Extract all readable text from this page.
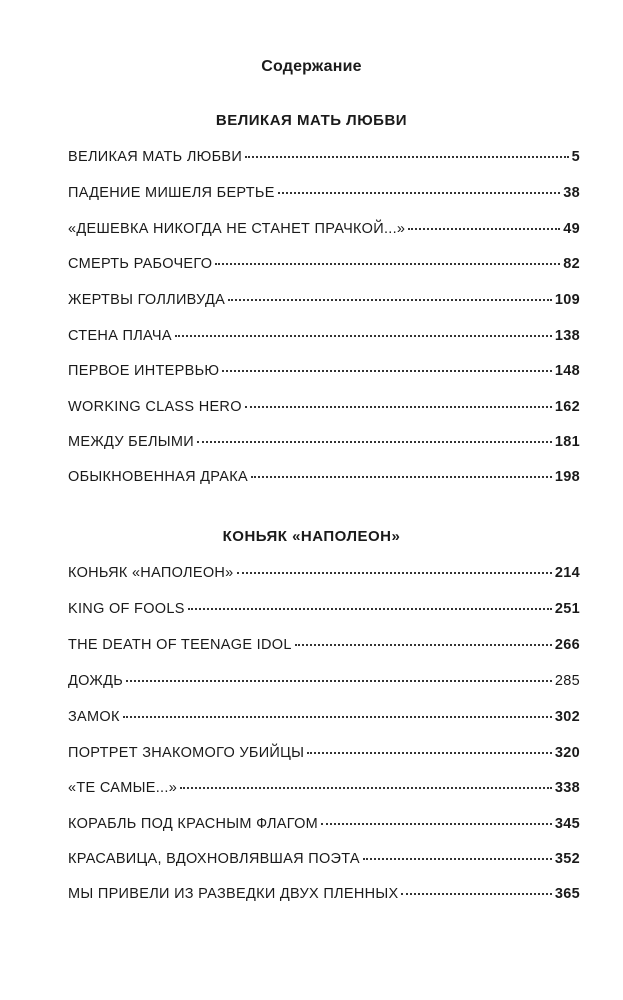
Содержание
ВЕЛИКАЯ МАТЬ ЛЮБВИ
ВЕЛИКАЯ МАТЬ ЛЮБВИ	5
ПАДЕНИЕ МИШЕЛЯ БЕРТЬЕ	38
«ДЕШЕВКА НИКОГДА НЕ СТАНЕТ ПРАЧКОЙ...»	49
СМЕРТЬ РАБОЧЕГО	82
ЖЕРТВЫ ГОЛЛИВУДА	109
СТЕНА ПЛАЧА	138
ПЕРВОЕ ИНТЕРВЬЮ	148
WORKING CLASS HERO	162
МЕЖДУ БЕЛЫМИ	181
ОБЫКНОВЕННАЯ ДРАКА	198
КОНЬЯК «НАПОЛЕОН»
КОНЬЯК «НАПОЛЕОН»	214
KING OF FOOLS	251
THE DEATH OF TEENAGE IDOL	266
ДОЖДЬ	285
ЗАМОК	302
ПОРТРЕТ ЗНАКОМОГО УБИЙЦЫ	320
«ТЕ САМЫЕ...»	338
КОРАБЛЬ ПОД КРАСНЫМ ФЛАГОМ	345
КРАСАВИЦА, ВДОХНОВЛЯВШАЯ ПОЭТА	352
МЫ ПРИВЕЛИ ИЗ РАЗВЕДКИ ДВУХ ПЛЕННЫХ	365
